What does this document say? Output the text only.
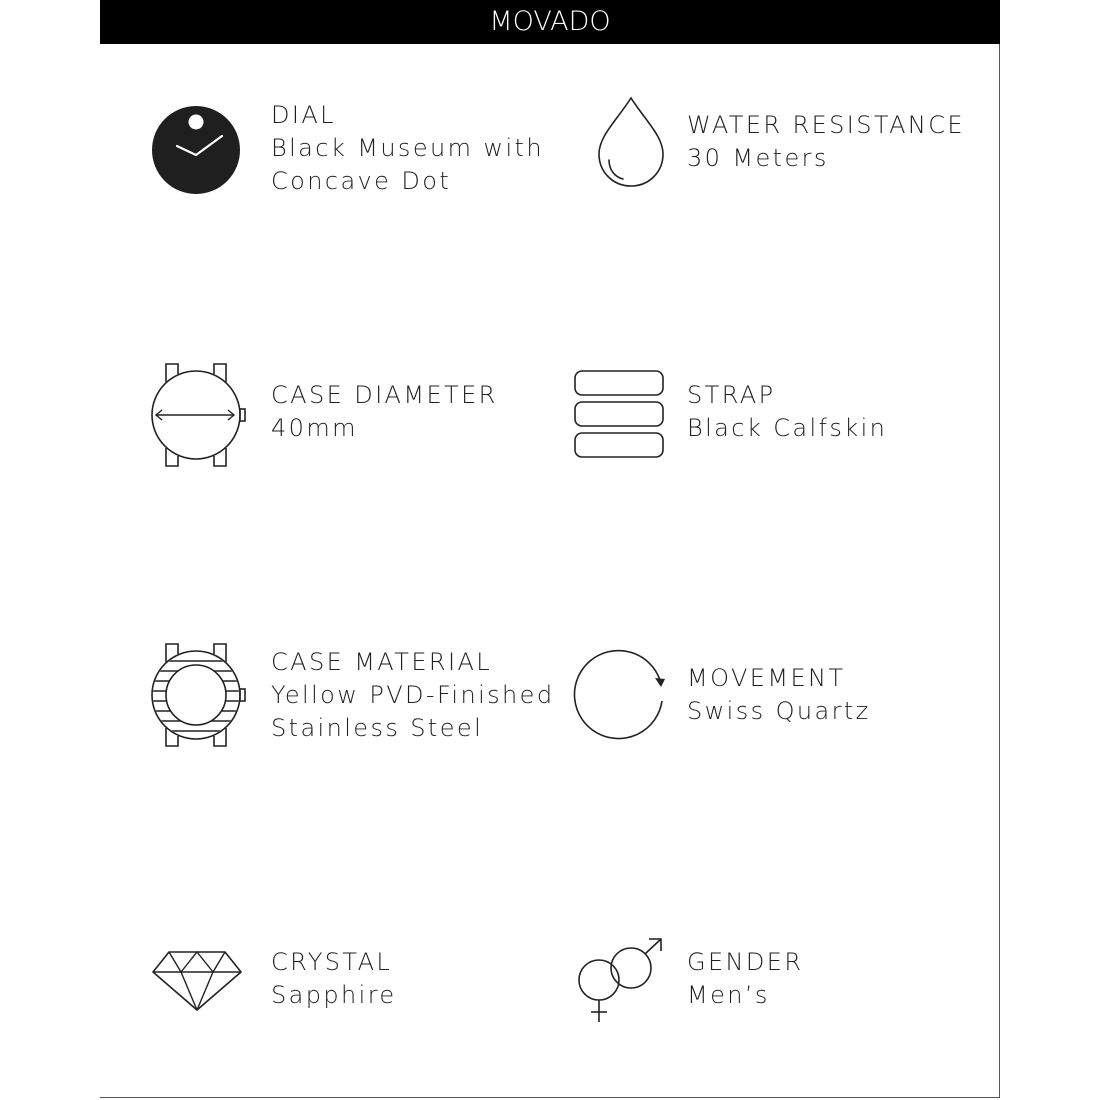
MOVADO
DIAL
Black Museum with
Concave Dot
WATER RESISTANCE
30 Meters
CASE DIAMETER
40mm
STRAP
Black Calfskin
CASE MATERIAL
Yellow PVD-Finished
Stainless Steel
MOVEMENT
Swiss Quartz
CRYSTAL
Sapphire
GENDER
Men’s
